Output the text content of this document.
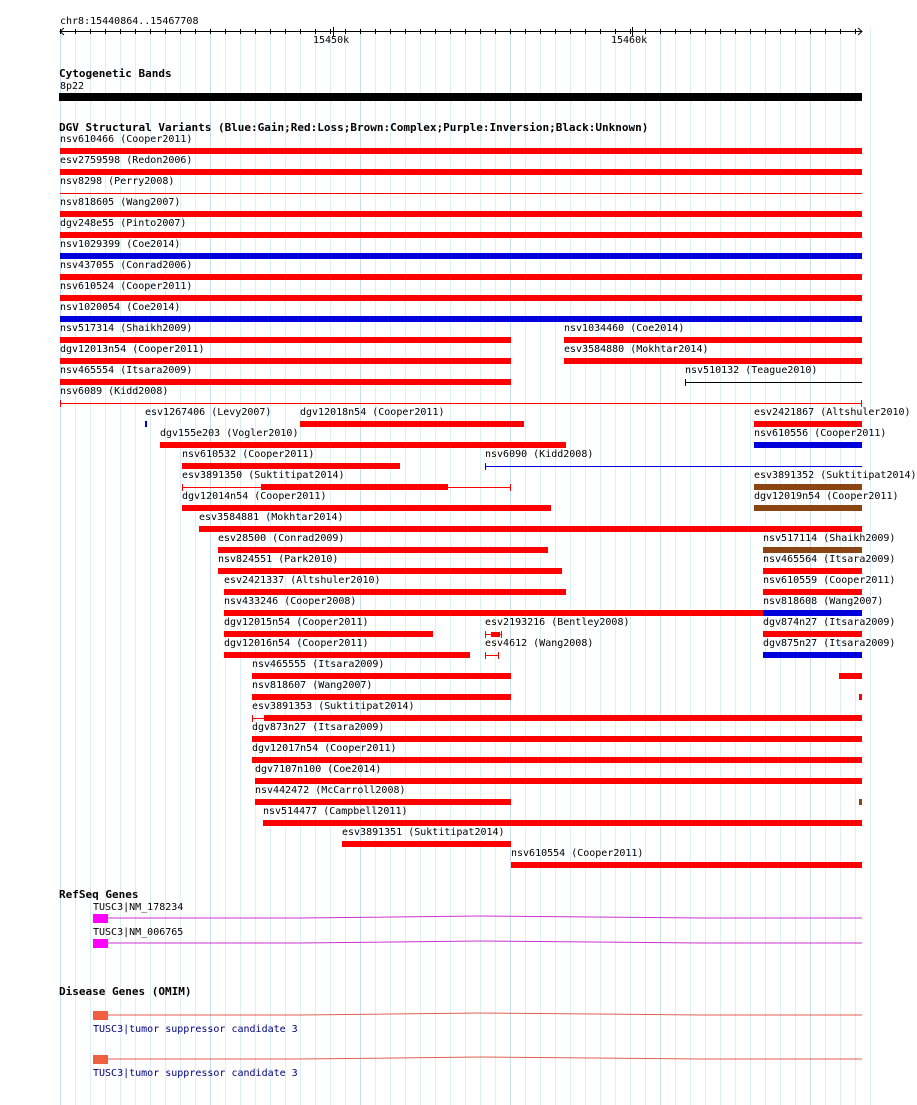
chr8:15440864..15467708
15450k	15460k
Cytogenetic Bands
8p22
DGV Structural Variants (Blue:Gain;Red:Loss;Brown:Complex;Purple:Inversion;Black:Unknown)
nsv610466 (Cooper2011)
esv2759598 (Redon2006)
nsv8298 (Perry2008)
nsv818605 (Wang2007)
dgv248e55 (Pinto2007)
nsv1029399 (Coe2014)
nsv437055 (Conrad2006)
nsv610524 (Cooper2011)
nsv1020054 (Coe2014)
nsv517314 (Shaikh2009)	nsv1034460 (Coe2014)
dgv12013n54 (Cooper2011)	esv3584880 (Mokhtar2014)
nsv465554 (Itsara2009)	nsv510132 (Teague2010)
nsv6089 (Kidd2008)
esv1267406 (Levy2007)	dgv12018n54 (Cooper2011)	esv2421867 (Altshuler2010)
dgv155e203 (Vogler2010)	nsv610556 (Cooper2011)
nsv610532 (Cooper2011)	nsv6090 (Kidd2008)
esv3891350 (Suktitipat2014)	esv3891352 (Suktitipat2014)
dgv12014n54 (Cooper2011)	dgv12019n54 (Cooper2011)
esv3584881 (Mokhtar2014)
esv28500 (Conrad2009)	nsv517114 (Shaikh2009)
nsv824551 (Park2010)	nsv465564 (Itsara2009)
esv2421337 (Altshuler2010)	nsv610559 (Cooper2011)
nsv433246 (Cooper2008)	nsv818608 (Wang2007)
dgv12015n54 (Cooper2011)	esv2193216 (Bentley2008)	dgv874n27 (Itsara2009)
dgv12016n54 (Cooper2011)	esv4612 (Wang2008)	dgv875n27 (Itsara2009)
nsv465555 (Itsara2009)
nsv818607 (Wang2007)
esv3891353 (Suktitipat2014)
dgv873n27 (Itsara2009)
dgv12017n54 (Cooper2011)
dgv7107n100 (Coe2014)
nsv442472 (McCarroll2008)
nsv514477 (Campbell2011)
esv3891351 (Suktitipat2014)
nsv610554 (Cooper2011)
RefSeq Genes
TUSC3|NM_178234
TUSC3|NM_006765
Disease Genes (OMIM)
TUSC3|tumor suppressor candidate 3
TUSC3|tumor suppressor candidate 3
